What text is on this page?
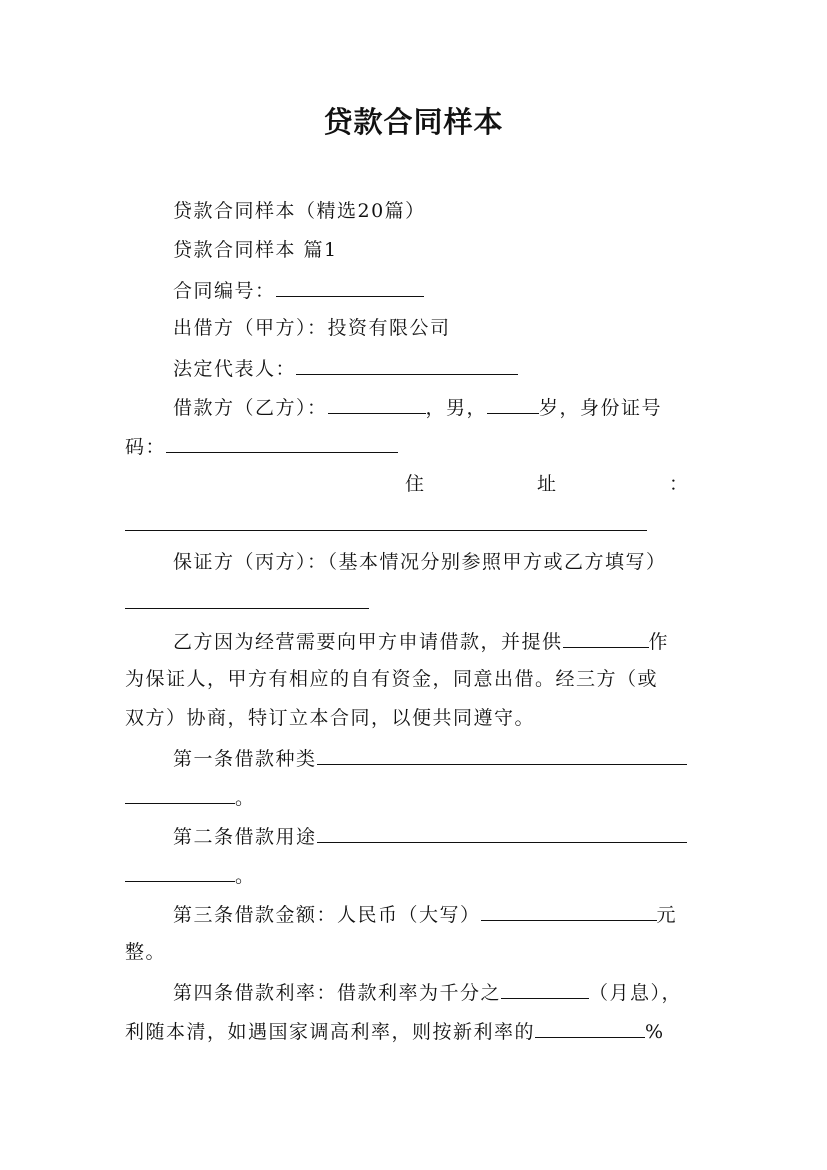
贷款合同样本
贷款合同样本（精选20篇）
贷款合同样本 篇1
合同编号：
出借方（甲方）：投资有限公司
法定代表人：
借款方（乙方）：	，男，	岁，身份证号
码：
住	址	：
保证方（丙方）：（基本情况分别参照甲方或乙方填写）
乙方因为经营需要向甲方申请借款，并提供	作
为保证人，甲方有相应的自有资金，同意出借。经三方（或
双方）协商，特订立本合同，以便共同遵守。
第一条借款种类
。
第二条借款用途
。
第三条借款金额：人民币（大写）	元
整。
第四条借款利率：借款利率为千分之	（月息），
利随本清，如遇国家调高利率，则按新利率的	%
